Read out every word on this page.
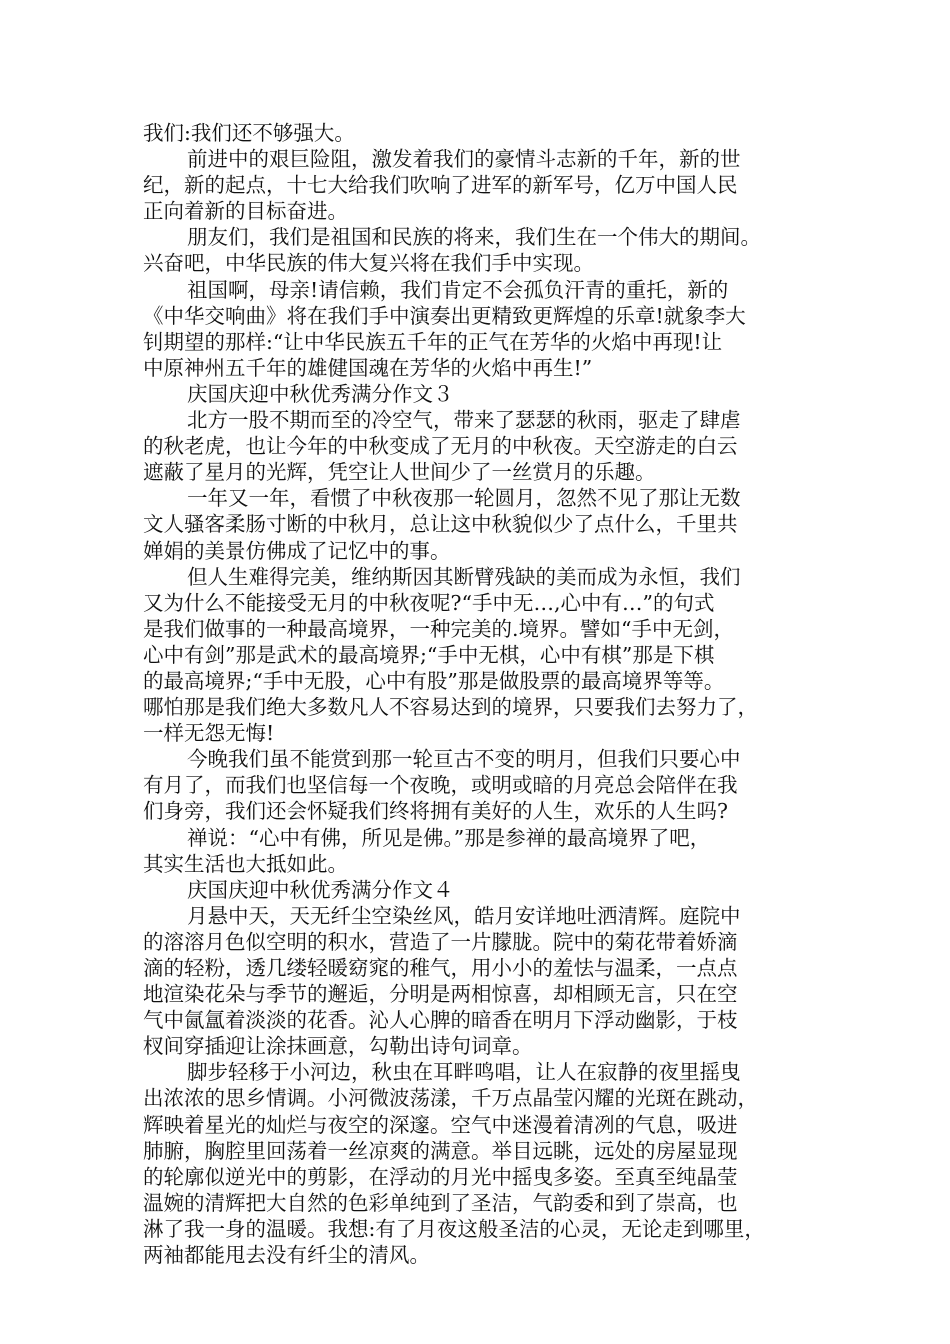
我们:我们还不够强大。
前进中的艰巨险阻，激发着我们的豪情斗志新的千年，新的世
纪，新的起点，十七大给我们吹响了进军的新军号，亿万中国人民
正向着新的目标奋进。
朋友们，我们是祖国和民族的将来，我们生在一个伟大的期间。
兴奋吧，中华民族的伟大复兴将在我们手中实现。
祖国啊，母亲!请信赖，我们肯定不会孤负汗青的重托，新的
《中华交响曲》将在我们手中演奏出更精致更辉煌的乐章!就象李大
钊期望的那样:“让中华民族五千年的正气在芳华的火焰中再现!让
中原神州五千年的雄健国魂在芳华的火焰中再生!”
庆国庆迎中秋优秀满分作文３
北方一股不期而至的冷空气，带来了瑟瑟的秋雨，驱走了肆虐
的秋老虎，也让今年的中秋变成了无月的中秋夜。天空游走的白云
遮蔽了星月的光辉，凭空让人世间少了一丝赏月的乐趣。
一年又一年，看惯了中秋夜那一轮圆月，忽然不见了那让无数
文人骚客柔肠寸断的中秋月，总让这中秋貌似少了点什么，千里共
婵娟的美景仿佛成了记忆中的事。
但人生难得完美，维纳斯因其断臂残缺的美而成为永恒，我们
又为什么不能接受无月的中秋夜呢?“手中无…,心中有…”的句式
是我们做事的一种最高境界，一种完美的.境界。譬如“手中无剑，
心中有剑”那是武术的最高境界;“手中无棋，心中有棋”那是下棋
的最高境界;“手中无股，心中有股”那是做股票的最高境界等等。
哪怕那是我们绝大多数凡人不容易达到的境界，只要我们去努力了，
一样无怨无悔!
今晚我们虽不能赏到那一轮亘古不变的明月，但我们只要心中
有月了，而我们也坚信每一个夜晚，或明或暗的月亮总会陪伴在我
们身旁，我们还会怀疑我们终将拥有美好的人生，欢乐的人生吗?
禅说：“心中有佛，所见是佛。”那是参禅的最高境界了吧，
其实生活也大抵如此。
庆国庆迎中秋优秀满分作文４
月悬中天，天无纤尘空染丝风，皓月安详地吐洒清辉。庭院中
的溶溶月色似空明的积水，营造了一片朦胧。院中的菊花带着娇滴
滴的轻粉，透几缕轻暖窈窕的稚气，用小小的羞怯与温柔，一点点
地渲染花朵与季节的邂逅，分明是两相惊喜，却相顾无言，只在空
气中氤氲着淡淡的花香。沁人心脾的暗香在明月下浮动幽影，于枝
杈间穿插迎让涂抹画意，勾勒出诗句词章。
脚步轻移于小河边，秋虫在耳畔鸣唱，让人在寂静的夜里摇曳
出浓浓的思乡情调。小河微波荡漾，千万点晶莹闪耀的光斑在跳动，
辉映着星光的灿烂与夜空的深邃。空气中迷漫着清冽的气息，吸进
肺腑，胸腔里回荡着一丝凉爽的满意。举目远眺，远处的房屋显现
的轮廓似逆光中的剪影，在浮动的月光中摇曳多姿。至真至纯晶莹
温婉的清辉把大自然的色彩单纯到了圣洁，气韵委和到了崇高，也
淋了我一身的温暖。我想:有了月夜这般圣洁的心灵，无论走到哪里，
两袖都能甩去没有纤尘的清风。
